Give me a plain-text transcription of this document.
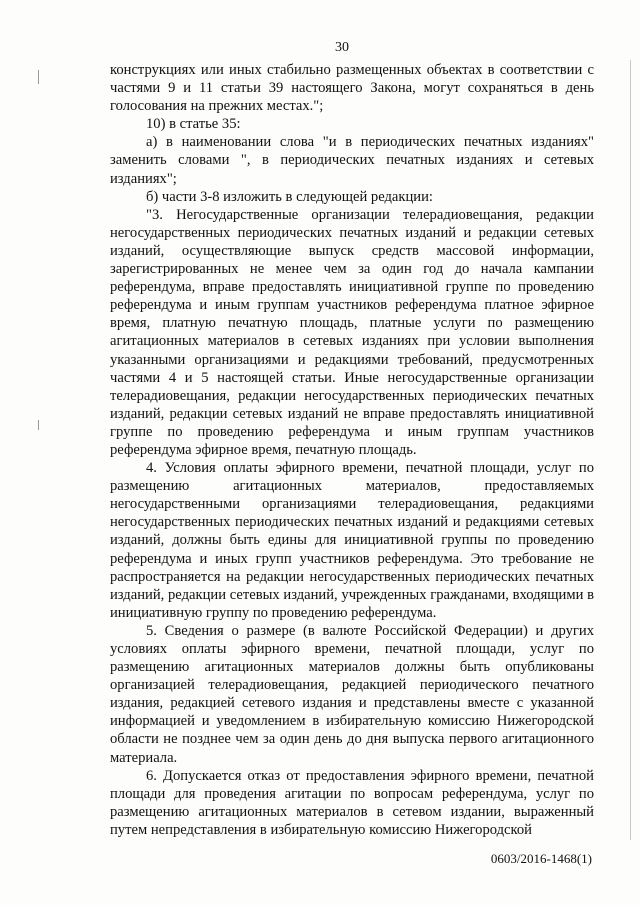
30

конструкциях или иных стабильно размещенных объектах в соответствии с частями 9 и 11 статьи 39 настоящего Закона, могут сохраняться в день голосования на прежних местах.";

10) в статье 35:

а) в наименовании слова "и в периодических печатных изданиях" заменить словами ", в периодических печатных изданиях и сетевых изданиях";

б) части 3-8 изложить в следующей редакции:

"3. Негосударственные организации телерадиовещания, редакции негосударственных периодических печатных изданий и редакции сетевых изданий, осуществляющие выпуск средств массовой информации, зарегистрированных не менее чем за один год до начала кампании референдума, вправе предоставлять инициативной группе по проведению референдума и иным группам участников референдума платное эфирное время, платную печатную площадь, платные услуги по размещению агитационных материалов в сетевых изданиях при условии выполнения указанными организациями и редакциями требований, предусмотренных частями 4 и 5 настоящей статьи. Иные негосударственные организации телерадиовещания, редакции негосударственных периодических печатных изданий, редакции сетевых изданий не вправе предоставлять инициативной группе по проведению референдума и иным группам участников референдума эфирное время, печатную площадь.

4. Условия оплаты эфирного времени, печатной площади, услуг по размещению агитационных материалов, предоставляемых негосударственными организациями телерадиовещания, редакциями негосударственных периодических печатных изданий и редакциями сетевых изданий, должны быть едины для инициативной группы по проведению референдума и иных групп участников референдума. Это требование не распространяется на редакции негосударственных периодических печатных изданий, редакции сетевых изданий, учрежденных гражданами, входящими в инициативную группу по проведению референдума.

5. Сведения о размере (в валюте Российской Федерации) и других условиях оплаты эфирного времени, печатной площади, услуг по размещению агитационных материалов должны быть опубликованы организацией телерадиовещания, редакцией периодического печатного издания, редакцией сетевого издания и представлены вместе с указанной информацией и уведомлением в избирательную комиссию Нижегородской области не позднее чем за один день до дня выпуска первого агитационного материала.

6. Допускается отказ от предоставления эфирного времени, печатной площади для проведения агитации по вопросам референдума, услуг по размещению агитационных материалов в сетевом издании, выраженный путем непредставления в избирательную комиссию Нижегородской

0603/2016-1468(1)
